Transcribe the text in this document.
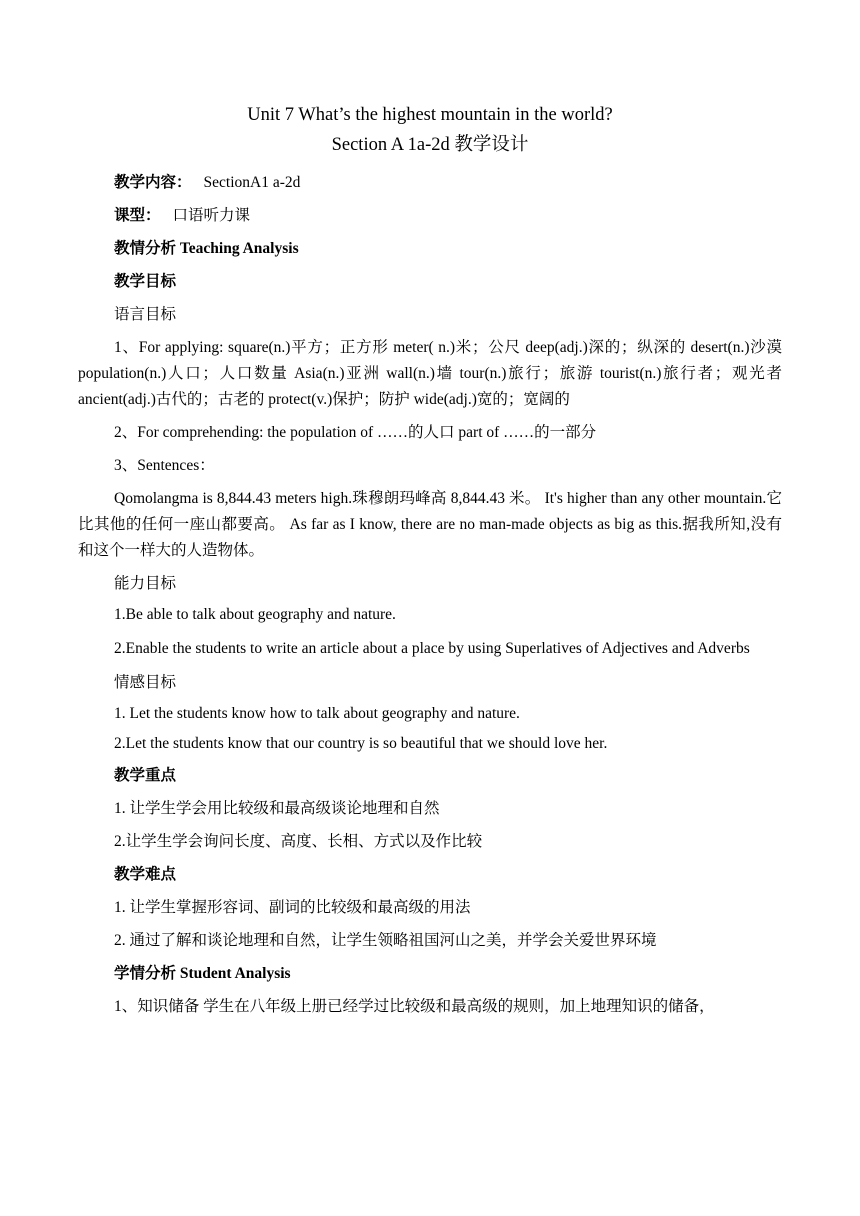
Unit 7 What’s the highest mountain in the world?

Section A 1a-2d 教学设计

教学内容： SectionA1 a-2d

课型： 口语听力课

教情分析 Teaching Analysis

教学目标

语言目标

1、For applying: square(n.)平方；正方形 meter( n.)米；公尺 deep(adj.)深的；纵深的 desert(n.)沙漠 population(n.)人口；人口数量 Asia(n.)亚洲 wall(n.)墙 tour(n.)旅行；旅游 tourist(n.)旅行者；观光者 ancient(adj.)古代的；古老的 protect(v.)保护；防护 wide(adj.)宽的；宽阔的

2、For comprehending: the population of ……的人口 part of ……的一部分

3、Sentences：

Qomolangma is 8,844.43 meters high.珠穆朗玛峰高 8,844.43 米。 It's higher than any other mountain.它比其他的任何一座山都要高。 As far as I know, there are no man-made objects as big as this.据我所知,没有 和这个一样大的人造物体。

能力目标

1.Be able to talk about geography and nature.

2.Enable the students to write an article about a place by using Superlatives of Adjectives and Adverbs

情感目标

1. Let the students know how to talk about geography and nature.

2.Let the students know that our country is so beautiful that we should love her.

教学重点

1. 让学生学会用比较级和最高级谈论地理和自然

2.让学生学会询问长度、高度、长相、方式以及作比较

教学难点

1. 让学生掌握形容词、副词的比较级和最高级的用法

2. 通过了解和谈论地理和自然，让学生领略祖国河山之美，并学会关爱世界环境

学情分析 Student Analysis

1、知识储备 学生在八年级上册已经学过比较级和最高级的规则，加上地理知识的储备，
